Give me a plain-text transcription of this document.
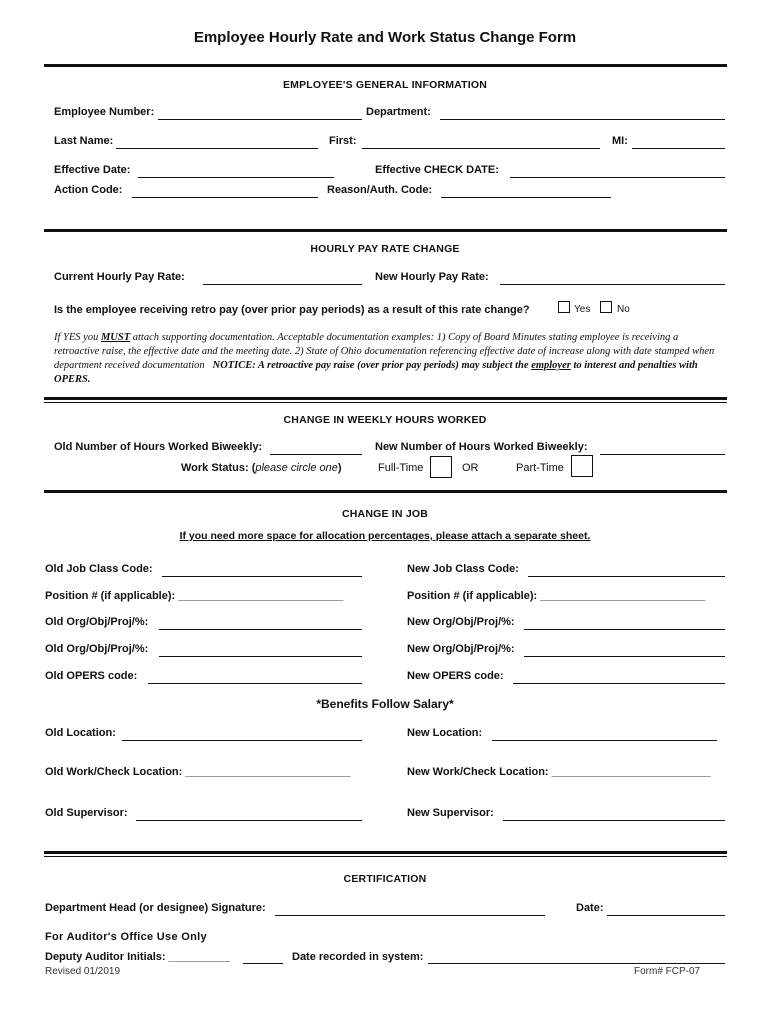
Employee Hourly Rate and Work Status Change Form
EMPLOYEE'S GENERAL INFORMATION
Employee Number:	Department:
Last Name:	First:	MI:
Effective Date:	Effective CHECK DATE:
Action Code:	Reason/Auth. Code:
HOURLY PAY RATE CHANGE
Current Hourly Pay Rate:	New Hourly Pay Rate:
Is the employee receiving retro pay (over prior pay periods) as a result of this rate change?	Yes	No
If YES you MUST attach supporting documentation. Acceptable documentation examples: 1) Copy of Board Minutes stating employee is receiving a retroactive raise, the effective date and the meeting date. 2) State of Ohio documentation referencing effective date of increase along with date stamped when department received documentation NOTICE: A retroactive pay raise (over prior pay periods) may subject the employer to interest and penalties with OPERS.
CHANGE IN WEEKLY HOURS WORKED
Old Number of Hours Worked Biweekly:	New Number of Hours Worked Biweekly:
Work Status: (please circle one)	Full-Time	OR	Part-Time
CHANGE IN JOB
If you need more space for allocation percentages, please attach a separate sheet.
Old Job Class Code:	New Job Class Code:
Position # (if applicable): ___________________________	Position # (if applicable): ___________________________
Old Org/Obj/Proj/%:	New Org/Obj/Proj/%:
Old Org/Obj/Proj/%:	New Org/Obj/Proj/%:
Old OPERS code:	New OPERS code:
*Benefits Follow Salary*
Old Location:	New Location:
Old Work/Check Location: ___________________________	New Work/Check Location: __________________________
Old Supervisor:	New Supervisor:
CERTIFICATION
Department Head (or designee) Signature:	Date:
For Auditor's Office Use Only
Deputy Auditor Initials: __________	Date recorded in system:
Revised 01/2019	Form# FCP-07
